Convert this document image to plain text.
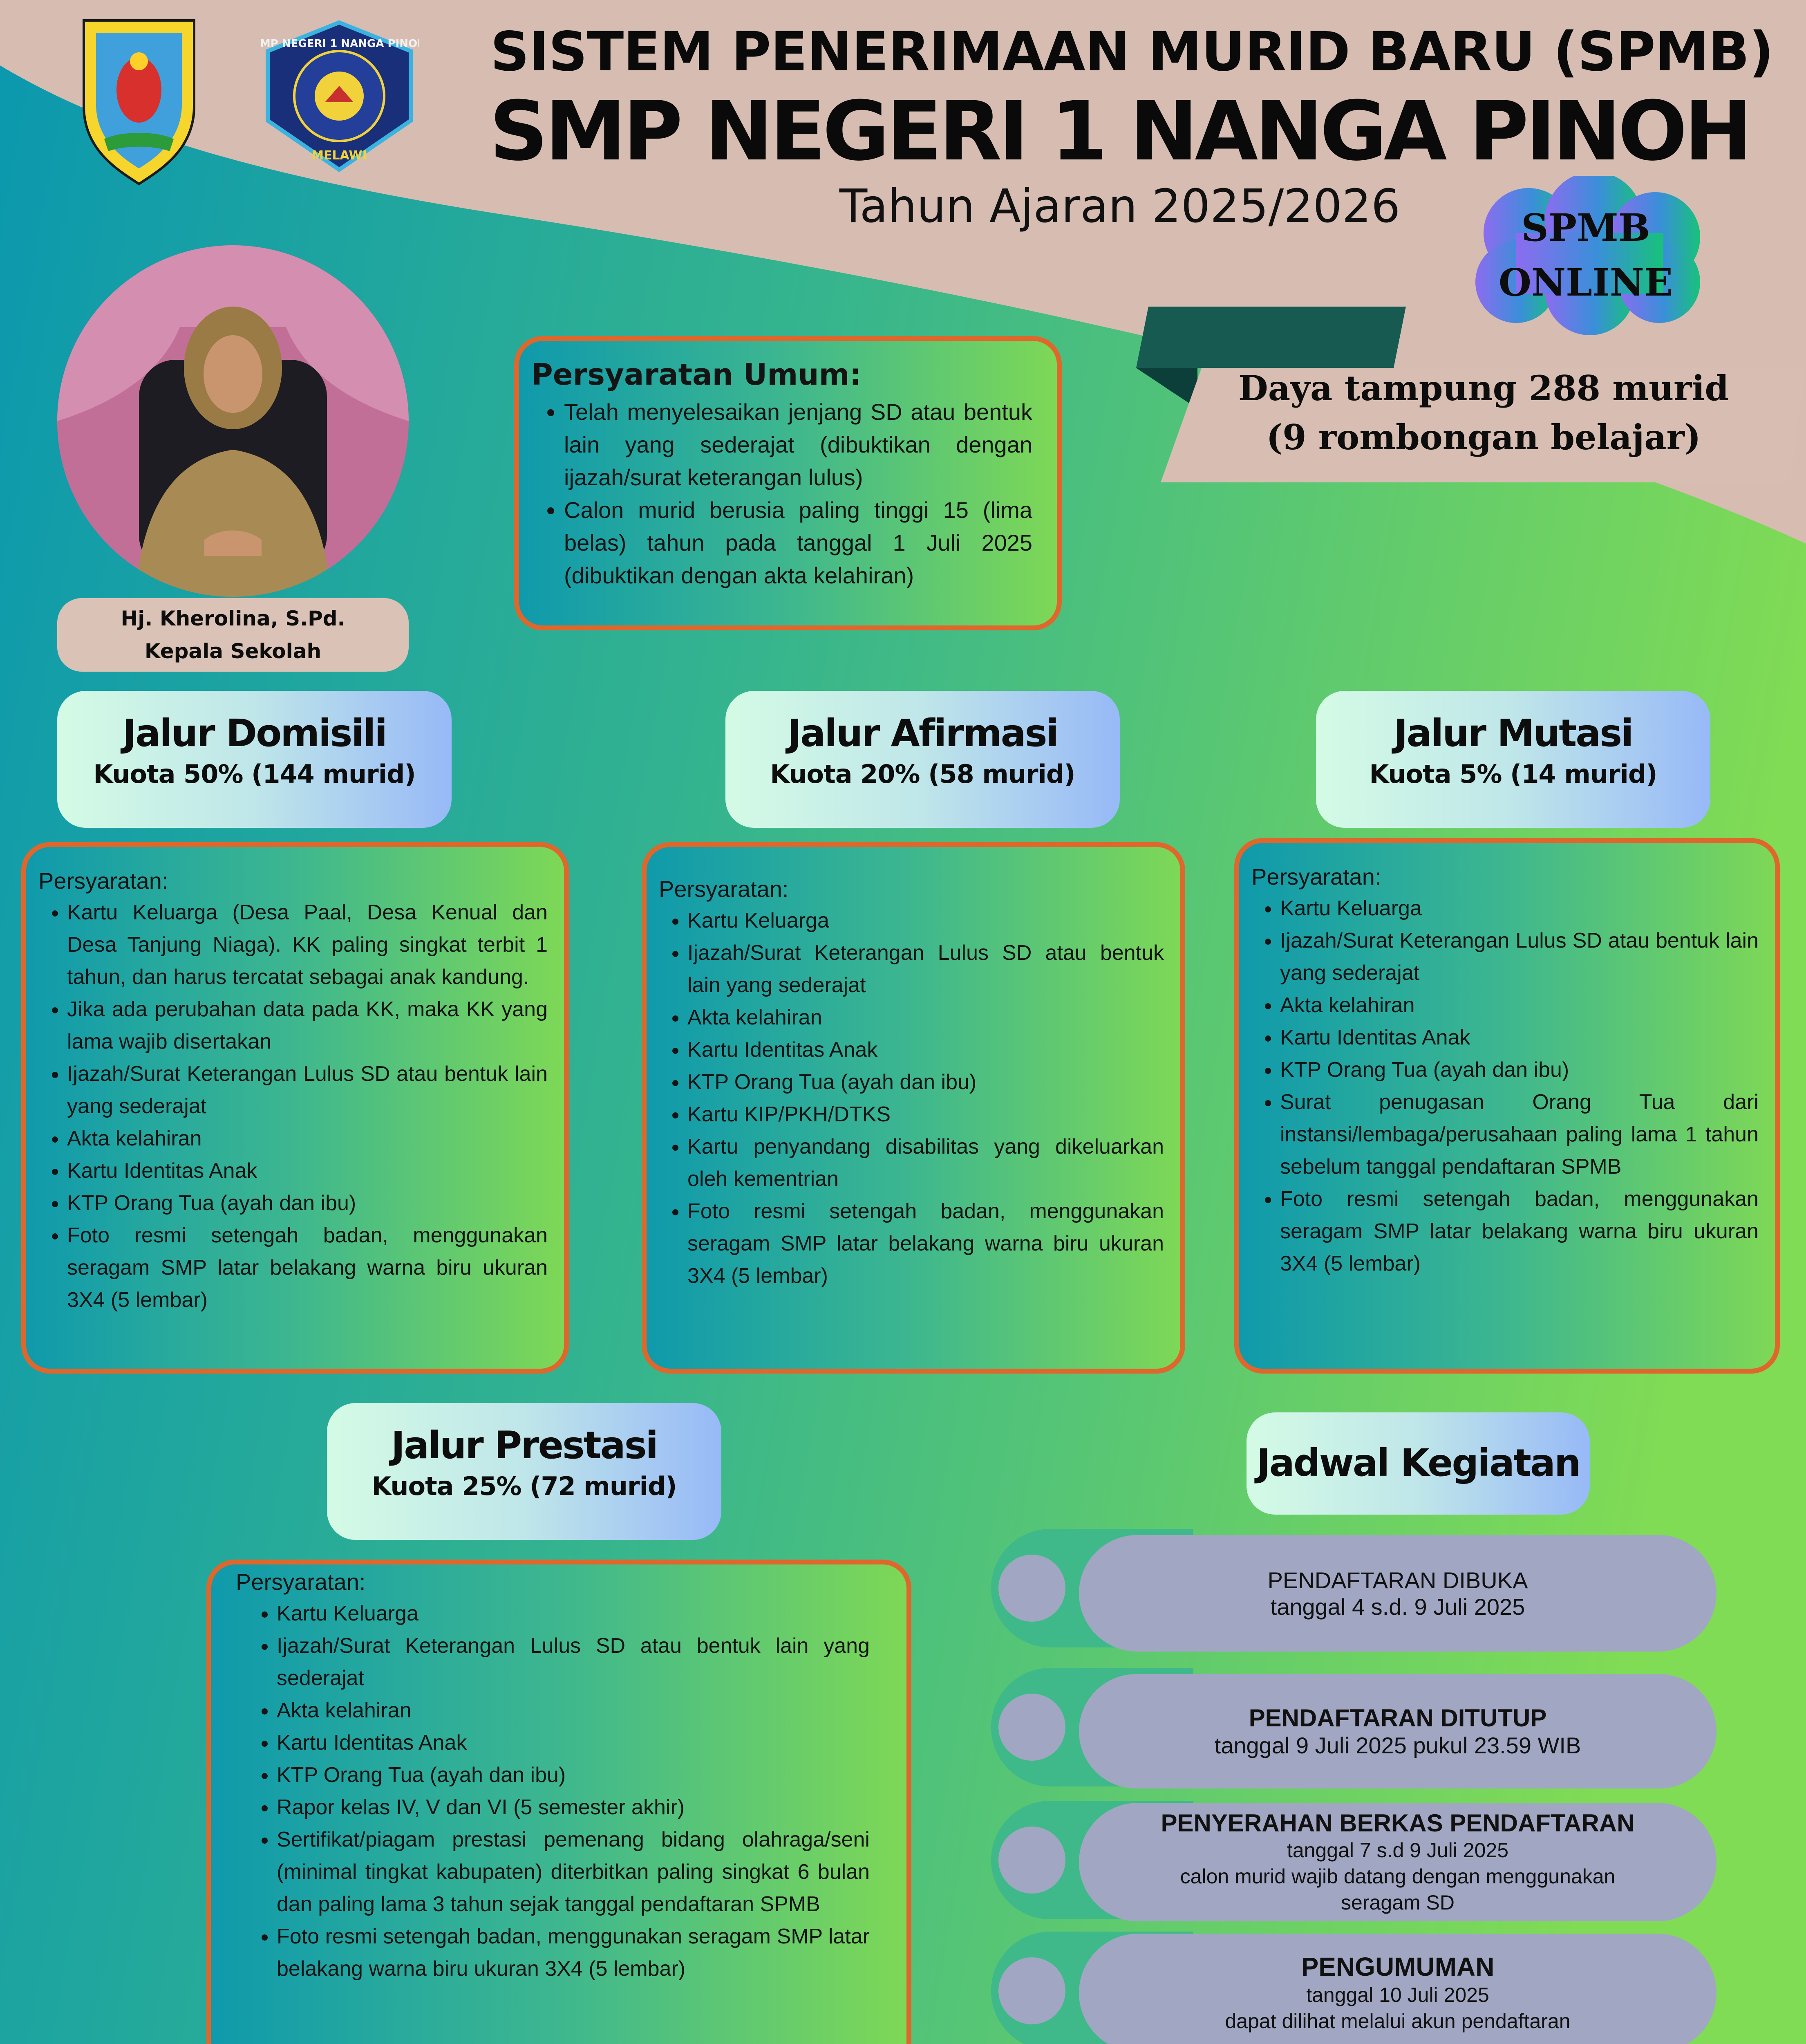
SMP NEGERI 1 NANGA PINOH
MELAWI
SISTEM PENERIMAAN MURID BARU (SPMB)
SMP NEGERI 1 NANGA PINOH
Tahun Ajaran 2025/2026	SPMB
ONLINE
Daya tampung 288 murid
(9 rombongan belajar)
Hj. Kherolina, S.Pd.
Kepala Sekolah
Persyaratan Umum:
• Telah menyelesaikan jenjang SD atau bentuk lain yang sederajat (dibuktikan dengan ijazah/surat keterangan lulus)
• Calon murid berusia paling tinggi 15 (lima belas) tahun pada tanggal 1 Juli 2025 (dibuktikan dengan akta kelahiran)
Jalur Domisili
Kuota 50% (144 murid)
Jalur Afirmasi
Kuota 20% (58 murid)
Jalur Mutasi
Kuota 5% (14 murid)
Persyaratan:
• Kartu Keluarga (Desa Paal, Desa Kenual dan Desa Tanjung Niaga). KK paling singkat terbit 1 tahun, dan harus tercatat sebagai anak kandung.
• Jika ada perubahan data pada KK, maka KK yang lama wajib disertakan
• Ijazah/Surat Keterangan Lulus SD atau bentuk lain yang sederajat
• Akta kelahiran
• Kartu Identitas Anak
• KTP Orang Tua (ayah dan ibu)
• Foto resmi setengah badan, menggunakan seragam SMP latar belakang warna biru ukuran 3X4 (5 lembar)
Persyaratan:
• Kartu Keluarga
• Ijazah/Surat Keterangan Lulus SD atau bentuk lain yang sederajat
• Akta kelahiran
• Kartu Identitas Anak
• KTP Orang Tua (ayah dan ibu)
• Kartu KIP/PKH/DTKS
• Kartu penyandang disabilitas yang dikeluarkan oleh kementrian
• Foto resmi setengah badan, menggunakan seragam SMP latar belakang warna biru ukuran 3X4 (5 lembar)
Persyaratan:
• Kartu Keluarga
• Ijazah/Surat Keterangan Lulus SD atau bentuk lain yang sederajat
• Akta kelahiran
• Kartu Identitas Anak
• KTP Orang Tua (ayah dan ibu)
• Surat penugasan Orang Tua dari instansi/lembaga/perusahaan paling lama 1 tahun sebelum tanggal pendaftaran SPMB
• Foto resmi setengah badan, menggunakan seragam SMP latar belakang warna biru ukuran 3X4 (5 lembar)
Jalur Prestasi
Kuota 25% (72 murid)
Persyaratan:
• Kartu Keluarga
• Ijazah/Surat Keterangan Lulus SD atau bentuk lain yang sederajat
• Akta kelahiran
• Kartu Identitas Anak
• KTP Orang Tua (ayah dan ibu)
• Rapor kelas IV, V dan VI (5 semester akhir)
• Sertifikat/piagam prestasi pemenang bidang olahraga/seni (minimal tingkat kabupaten) diterbitkan paling singkat 6 bulan dan paling lama 3 tahun sejak tanggal pendaftaran SPMB
• Foto resmi setengah badan, menggunakan seragam SMP latar belakang warna biru ukuran 3X4 (5 lembar)
Jadwal Kegiatan
PENDAFTARAN DIBUKA
tanggal 4 s.d. 9 Juli 2025
PENDAFTARAN DITUTUP
tanggal 9 Juli 2025 pukul 23.59 WIB
PENYERAHAN BERKAS PENDAFTARAN
tanggal 7 s.d 9 Juli 2025
calon murid wajib datang dengan menggunakan
seragam SD
PENGUMUMAN
tanggal 10 Juli 2025
dapat dilihat melalui akun pendaftaran
